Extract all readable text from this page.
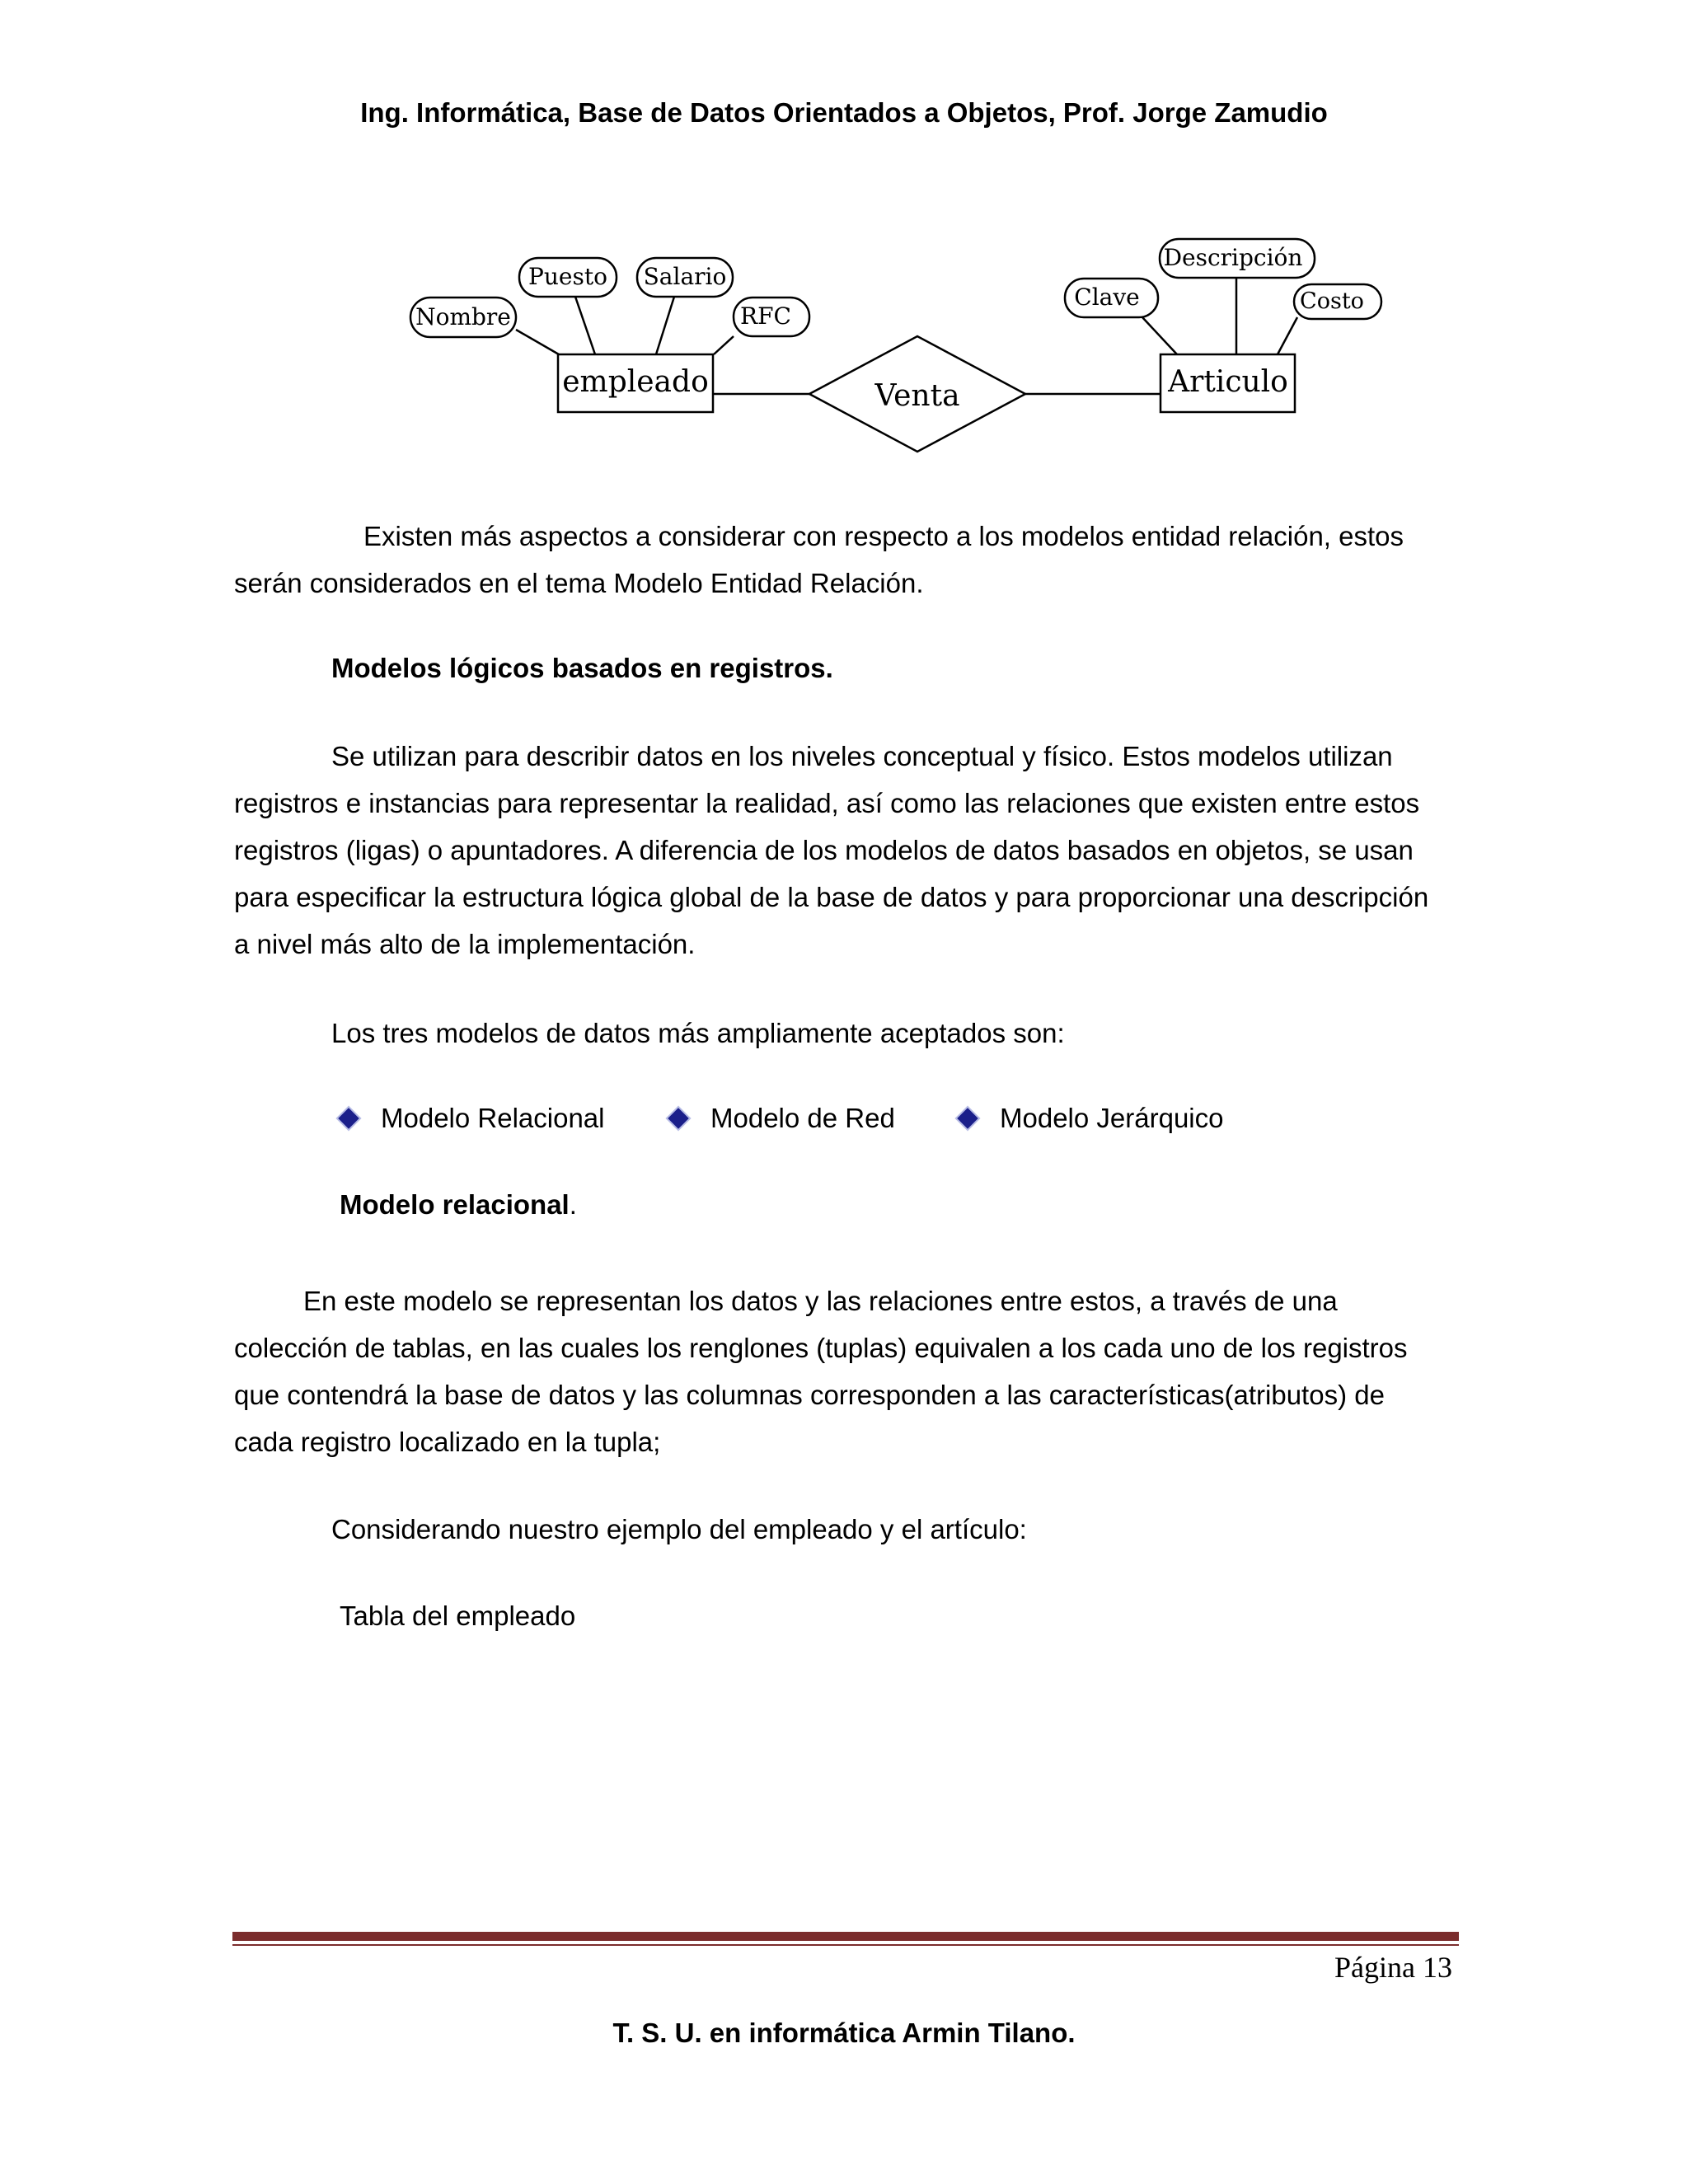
Ing. Informática, Base de Datos Orientados a Objetos, Prof. Jorge Zamudio
empleado	Venta	Articulo
Nombre
Puesto Salario
RFC
Clave
Descripción
Costo

Existen más aspectos a considerar con respecto a los modelos entidad relación, estos

serán considerados en el tema Modelo Entidad Relación.

Modelos lógicos basados en registros.

Se utilizan para describir datos en los niveles conceptual y físico. Estos modelos utilizan

registros e instancias para representar la realidad, así como las relaciones que existen entre estos

registros (ligas) o apuntadores. A diferencia de los modelos de datos basados en objetos, se usan

para especificar la estructura lógica global de la base de datos y para proporcionar una descripción

a nivel más alto de la implementación.

Los tres modelos de datos más ampliamente aceptados son:

Modelo Relacional	Modelo de Red	Modelo Jerárquico

Modelo relacional.

En este modelo se representan los datos y las relaciones entre estos, a través de una

colección de tablas, en las cuales los renglones (tuplas) equivalen a los cada uno de los registros

que contendrá la base de datos y las columnas corresponden a las características(atributos) de

cada registro localizado en la tupla;

Considerando nuestro ejemplo del empleado y el artículo:

Tabla del empleado

Página 13
T. S. U. en informática Armin Tilano.
